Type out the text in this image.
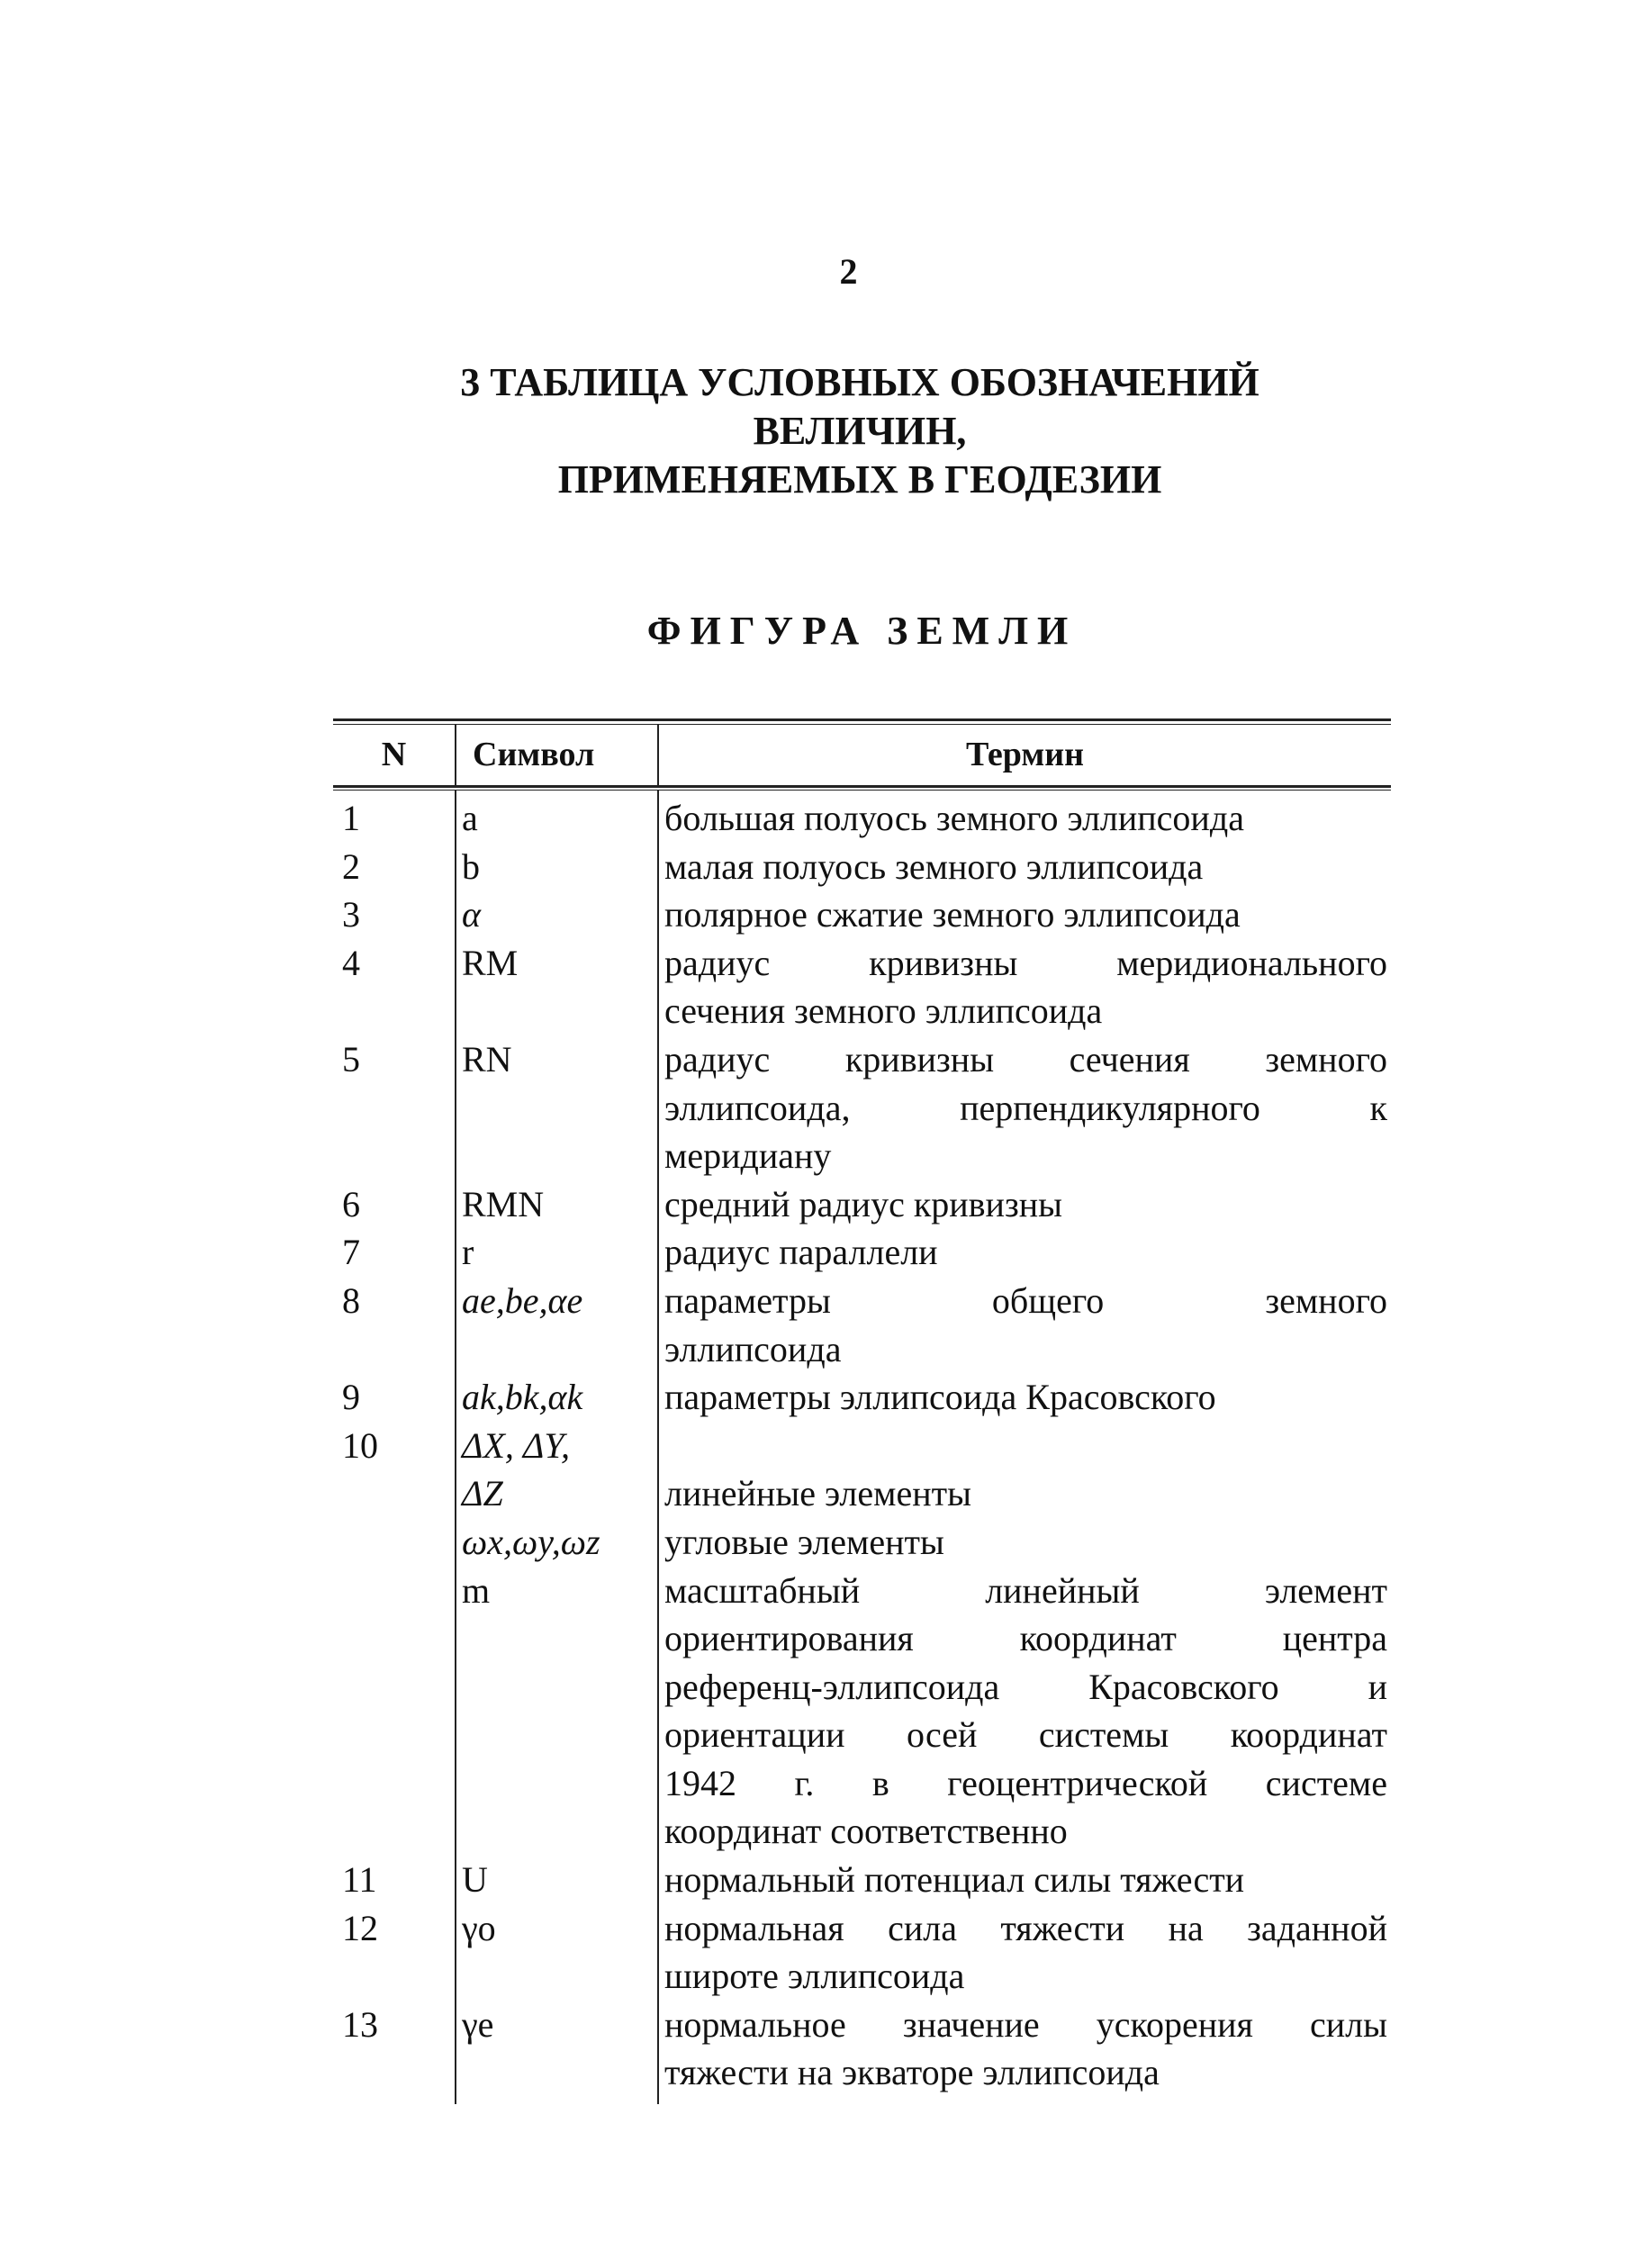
2
3 ТАБЛИЦА УСЛОВНЫХ ОБОЗНАЧЕНИЙ
ВЕЛИЧИН,
ПРИМЕНЯЕМЫХ В ГЕОДЕЗИИ
ФИГУРА ЗЕМЛИ
N	Символ	Термин
1
2
3
4
5
6
7
8
9
10
11
12
13
a
b
α
RM
RN
RMN
r
ae,be,αe
ak,bk,αk
ΔX, ΔY,
ΔZ
ωx,ωy,ωz
m
U
γo
γe
большая полуось земного эллипсоида
малая полуось земного эллипсоида
полярное сжатие земного эллипсоида
радиус кривизны меридионального
сечения земного эллипсоида
радиус кривизны сечения земного
эллипсоида, перпендикулярного к
меридиану
средний радиус кривизны
радиус параллели
параметры общего земного
эллипсоида
параметры эллипсоида Красовского
линейные элементы
угловые элементы
масштабный линейный элемент
ориентирования координат центра
референц-эллипсоида Красовского и
ориентации осей системы координат
1942 г. в геоцентрической системе
координат соответственно
нормальный потенциал силы тяжести
нормальная сила тяжести на заданной
широте эллипсоида
нормальное значение ускорения силы
тяжести на экваторе эллипсоида
